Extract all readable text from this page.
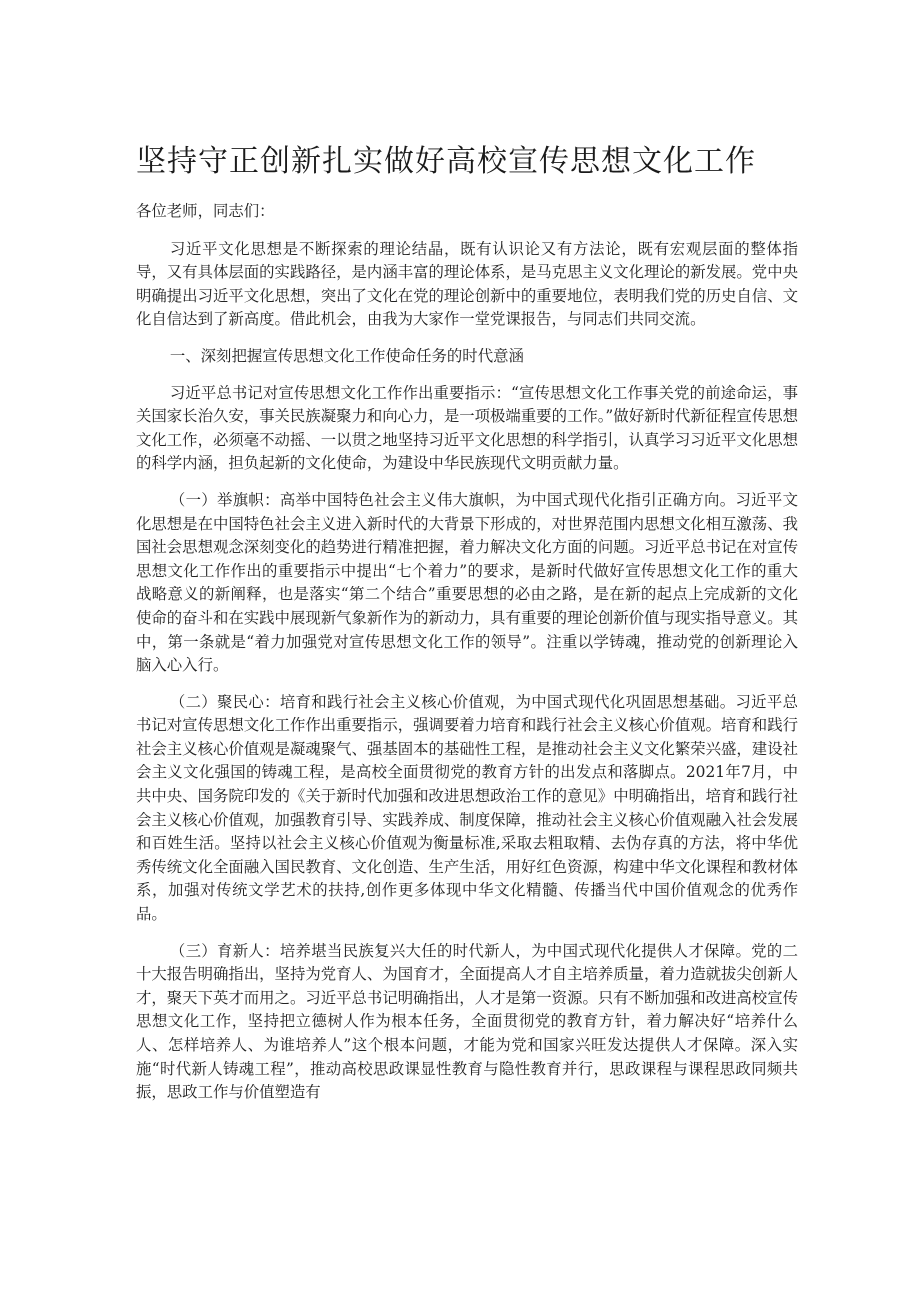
坚持守正创新扎实做好高校宣传思想文化工作

各位老师，同志们：

习近平文化思想是不断探索的理论结晶，既有认识论又有方法论，既有宏观层面的整体指导，又有具体层面的实践路径，是内涵丰富的理论体系，是马克思主义文化理论的新发展。党中央明确提出习近平文化思想，突出了文化在党的理论创新中的重要地位，表明我们党的历史自信、文化自信达到了新高度。借此机会，由我为大家作一堂党课报告，与同志们共同交流。

一、深刻把握宣传思想文化工作使命任务的时代意涵

习近平总书记对宣传思想文化工作作出重要指示：“宣传思想文化工作事关党的前途命运，事关国家长治久安，事关民族凝聚力和向心力，是一项极端重要的工作。”做好新时代新征程宣传思想文化工作，必须毫不动摇、一以贯之地坚持习近平文化思想的科学指引，认真学习习近平文化思想的科学内涵，担负起新的文化使命，为建设中华民族现代文明贡献力量。

（一）举旗帜：高举中国特色社会主义伟大旗帜，为中国式现代化指引正确方向。习近平文化思想是在中国特色社会主义进入新时代的大背景下形成的，对世界范围内思想文化相互激荡、我国社会思想观念深刻变化的趋势进行精准把握，着力解决文化方面的问题。习近平总书记在对宣传思想文化工作作出的重要指示中提出“七个着力”的要求，是新时代做好宣传思想文化工作的重大战略意义的新阐释，也是落实“第二个结合”重要思想的必由之路，是在新的起点上完成新的文化使命的奋斗和在实践中展现新气象新作为的新动力，具有重要的理论创新价值与现实指导意义。其中，第一条就是“着力加强党对宣传思想文化工作的领导”。注重以学铸魂，推动党的创新理论入脑入心入行。

（二）聚民心：培育和践行社会主义核心价值观，为中国式现代化巩固思想基础。习近平总书记对宣传思想文化工作作出重要指示，强调要着力培育和践行社会主义核心价值观。培育和践行社会主义核心价值观是凝魂聚气、强基固本的基础性工程，是推动社会主义文化繁荣兴盛，建设社会主义文化强国的铸魂工程，是高校全面贯彻党的教育方针的出发点和落脚点。2021年7月，中共中央、国务院印发的《关于新时代加强和改进思想政治工作的意见》中明确指出，培育和践行社会主义核心价值观，加强教育引导、实践养成、制度保障，推动社会主义核心价值观融入社会发展和百姓生活。坚持以社会主义核心价值观为衡量标准,采取去粗取精、去伪存真的方法，将中华优秀传统文化全面融入国民教育、文化创造、生产生活，用好红色资源，构建中华文化课程和教材体系，加强对传统文学艺术的扶持,创作更多体现中华文化精髓、传播当代中国价值观念的优秀作品。

（三）育新人：培养堪当民族复兴大任的时代新人，为中国式现代化提供人才保障。党的二十大报告明确指出，坚持为党育人、为国育才，全面提高人才自主培养质量，着力造就拔尖创新人才，聚天下英才而用之。习近平总书记明确指出，人才是第一资源。只有不断加强和改进高校宣传思想文化工作，坚持把立德树人作为根本任务，全面贯彻党的教育方针，着力解决好“培养什么人、怎样培养人、为谁培养人”这个根本问题，才能为党和国家兴旺发达提供人才保障。深入实施“时代新人铸魂工程”，推动高校思政课显性教育与隐性教育并行，思政课程与课程思政同频共振，思政工作与价值塑造有
